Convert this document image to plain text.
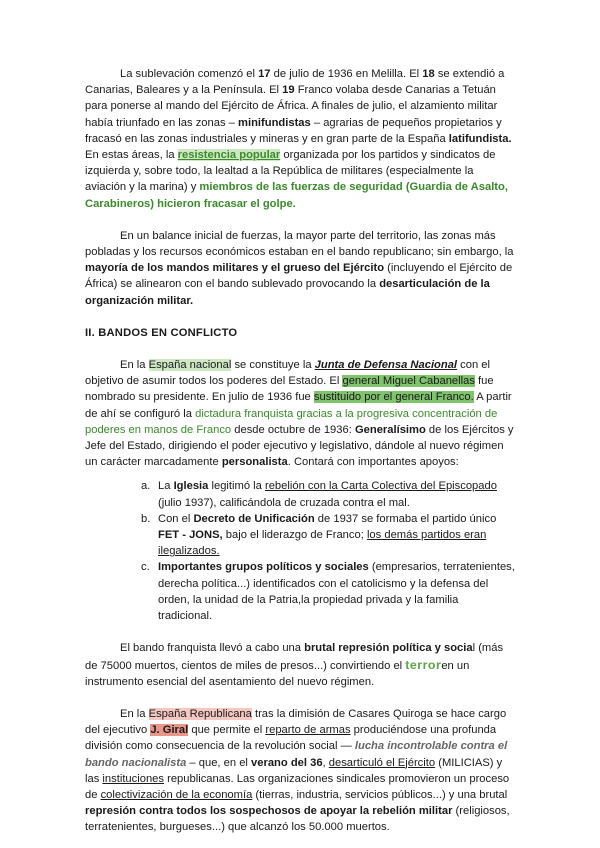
La sublevación comenzó el 17 de julio de 1936 en Melilla. El 18 se extendió a Canarias, Baleares y a la Península. El 19 Franco volaba desde Canarias a Tetuán para ponerse al mando del Ejército de África. A finales de julio, el alzamiento militar había triunfado en las zonas – minifundistas – agrarias de pequeños propietarios y fracasó en las zonas industriales y mineras y en gran parte de la España latifundista. En estas áreas, la resistencia popular organizada por los partidos y sindicatos de izquierda y, sobre todo, la lealtad a la República de militares (especialmente la aviación y la marina) y miembros de las fuerzas de seguridad (Guardia de Asalto, Carabineros) hicieron fracasar el golpe.

En un balance inicial de fuerzas, la mayor parte del territorio, las zonas más pobladas y los recursos económicos estaban en el bando republicano; sin embargo, la mayoría de los mandos militares y el grueso del Ejército (incluyendo el Ejército de África) se alinearon con el bando sublevado provocando la desarticulación de la organización militar.

II. BANDOS EN CONFLICTO

En la España nacional se constituye la Junta de Defensa Nacional con el objetivo de asumir todos los poderes del Estado. El general Miguel Cabanellas fue nombrado su presidente. En julio de 1936 fue sustituido por el general Franco. A partir de ahí se configuró la dictadura franquista gracias a la progresiva concentración de poderes en manos de Franco desde octubre de 1936: Generalísimo de los Ejércitos y Jefe del Estado, dirigiendo el poder ejecutivo y legislativo, dándole al nuevo régimen un carácter marcadamente personalista. Contará con importantes apoyos:

a. La Iglesia legitimó la rebelión con la Carta Colectiva del Episcopado (julio 1937), calificándola de cruzada contra el mal.
b. Con el Decreto de Unificación de 1937 se formaba el partido único FET - JONS, bajo el liderazgo de Franco; los demás partidos eran ilegalizados.
c. Importantes grupos políticos y sociales (empresarios, terratenientes, derecha política...) identificados con el catolicismo y la defensa del orden, la unidad de la Patria,la propiedad privada y la familia tradicional.

El bando franquista llevó a cabo una brutal represión política y social (más de 75000 muertos, cientos de miles de presos...) convirtiendo el terroren un instrumento esencial del asentamiento del nuevo régimen.

En la España Republicana tras la dimisión de Casares Quiroga se hace cargo del ejecutivo J. Giral que permite el reparto de armas produciéndose una profunda división como consecuencia de la revolución social — lucha incontrolable contra el bando nacionalista – que, en el verano del 36, desarticuló el Ejército (MILICIAS) y las instituciones republicanas. Las organizaciones sindicales promovieron un proceso de colectivización de la economía (tierras, industria, servicios públicos...) y una brutal represión contra todos los sospechosos de apoyar la rebelión militar (religiosos, terratenientes, burgueses...) que alcanzó los 50.000 muertos.
